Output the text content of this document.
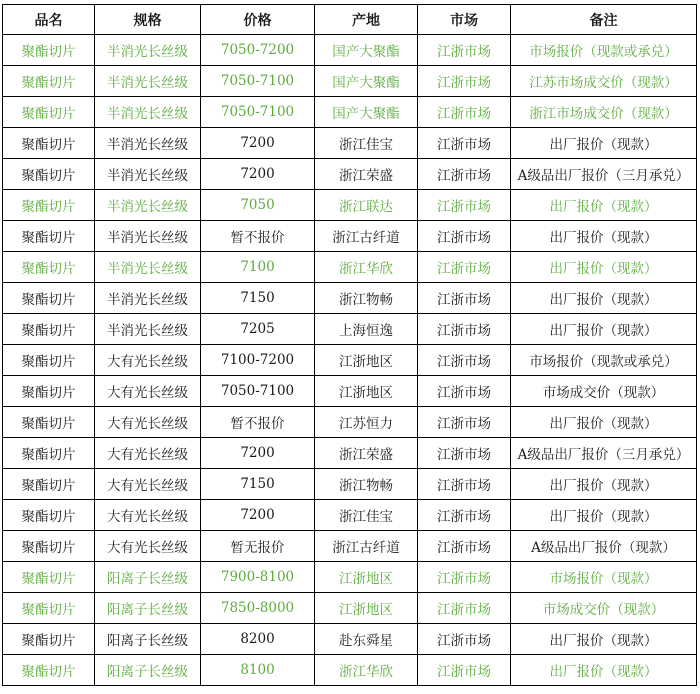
品名	规格	价格	产地	市场	备注
聚酯切片	半消光长丝级	7050-7200	国产大聚酯	江浙市场	市场报价（现款或承兑）
聚酯切片	半消光长丝级	7050-7100	国产大聚酯	江浙市场	江苏市场成交价（现款）
聚酯切片	半消光长丝级	7050-7100	国产大聚酯	江浙市场	浙江市场成交价（现款）
聚酯切片	半消光长丝级	7200	浙江佳宝	江浙市场	出厂报价（现款）
聚酯切片	半消光长丝级	7200	浙江荣盛	江浙市场	A级品出厂报价（三月承兑）
聚酯切片	半消光长丝级	7050	浙江联达	江浙市场	出厂报价（现款）
聚酯切片	半消光长丝级	暂不报价	浙江古纤道	江浙市场	出厂报价（现款）
聚酯切片	半消光长丝级	7100	浙江华欣	江浙市场	出厂报价（现款）
聚酯切片	半消光长丝级	7150	浙江物畅	江浙市场	出厂报价（现款）
聚酯切片	半消光长丝级	7205	上海恒逸	江浙市场	出厂报价（现款）
聚酯切片	大有光长丝级	7100-7200	江浙地区	江浙市场	市场报价（现款或承兑）
聚酯切片	大有光长丝级	7050-7100	江浙地区	江浙市场	市场成交价（现款）
聚酯切片	大有光长丝级	暂不报价	江苏恒力	江浙市场	出厂报价（现款）
聚酯切片	大有光长丝级	7200	浙江荣盛	江浙市场	A级品出厂报价（三月承兑）
聚酯切片	大有光长丝级	7150	浙江物畅	江浙市场	出厂报价（现款）
聚酯切片	大有光长丝级	7200	浙江佳宝	江浙市场	出厂报价（现款）
聚酯切片	大有光长丝级	暂无报价	浙江古纤道	江浙市场	A级品出厂报价（现款）
聚酯切片	阳离子长丝级	7900-8100	江浙地区	江浙市场	市场报价（现款）
聚酯切片	阳离子长丝级	7850-8000	江浙地区	江浙市场	市场成交价（现款）
聚酯切片	阳离子长丝级	8200	赴东舜星	江浙市场	出厂报价（现款）
聚酯切片	阳离子长丝级	8100	浙江华欣	江浙市场	出厂报价（现款）
